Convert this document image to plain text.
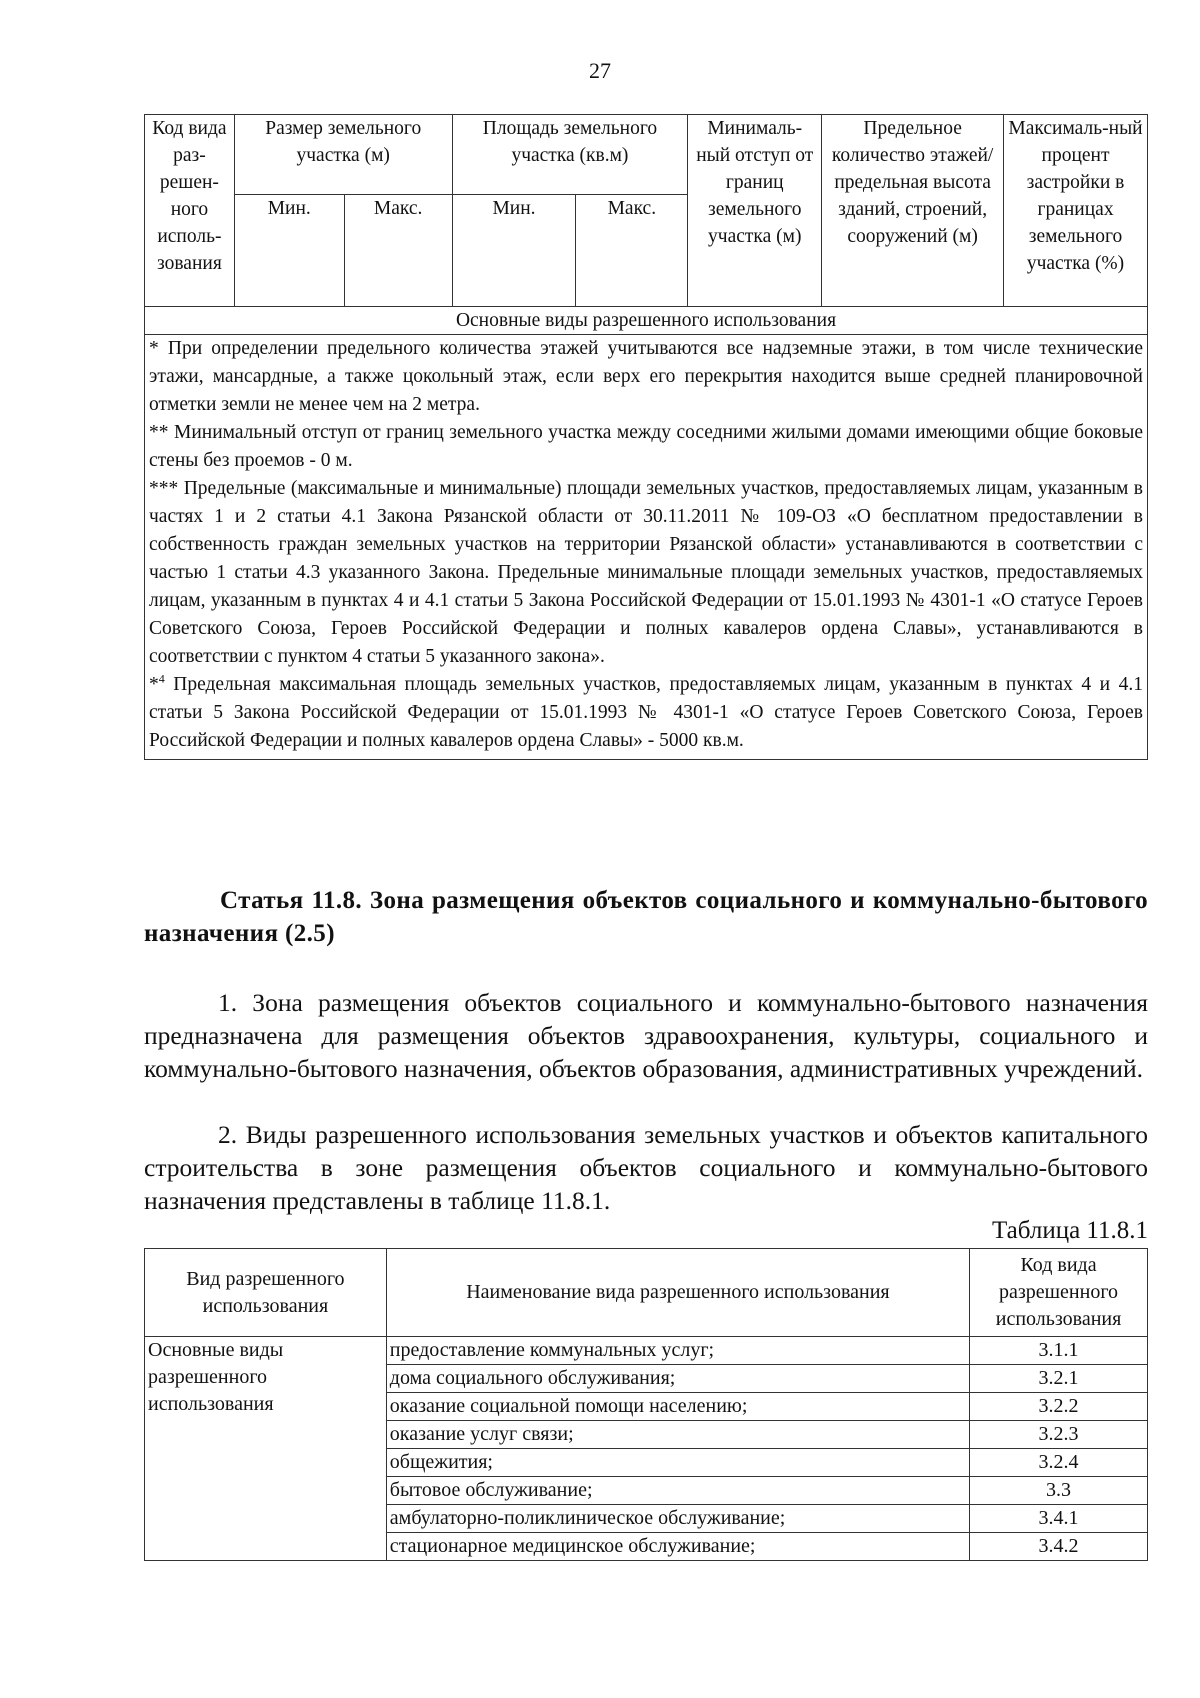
27
Код вида раз-решен-ного исполь-зования	Размер земельного участка (м)		Площадь земельного участка (кв.м)		Минималь-ный отступ от границ земельного участка (м)	Предельное количество этажей/ предельная высота зданий, строений, сооружений (м)	Максималь-ный процент застройки в границах земельного участка (%)
	Мин.	Макс.	Мин.	Макс.			
Основные виды разрешенного использования							

* При определении предельного количества этажей учитываются все надземные этажи, в том числе технические этажи, мансардные, а также цокольный этаж, если верх его перекрытия находится выше средней планировочной отметки земли не менее чем на 2 метра.

** Минимальный отступ от границ земельного участка между соседними жилыми домами имеющими общие боковые стены без проемов - 0 м.

*** Предельные (максимальные и минимальные) площади земельных участков, предоставляемых лицам, указанным в частях 1 и 2 статьи 4.1 Закона Рязанской области от 30.11.2011 № 109-ОЗ «О бесплатном предоставлении в собственность граждан земельных участков на территории Рязанской области» устанавливаются в соответствии с частью 1 статьи 4.3 указанного Закона. Предельные минимальные площади земельных участков, предоставляемых лицам, указанным в пунктах 4 и 4.1 статьи 5 Закона Российской Федерации от 15.01.1993 № 4301-1 «О статусе Героев Советского Союза, Героев Российской Федерации и полных кавалеров ордена Славы», устанавливаются в соответствии с пунктом 4 статьи 5 указанного закона».

*$^4$ Предельная максимальная площадь земельных участков, предоставляемых лицам, указанным в пунктах 4 и 4.1 статьи 5 Закона Российской Федерации от 15.01.1993 № 4301-1 «О статусе Героев Советского Союза, Героев Российской Федерации и полных кавалеров ордена Славы» - 5000 кв.м.							

Статья 11.8. Зона размещения объектов социального и коммунально-бытового назначения (2.5)

1. Зона размещения объектов социального и коммунально-бытового назначения предназначена для размещения объектов здравоохранения, культуры, социального и коммунально-бытового назначения, объектов образования, административных учреждений.

2. Виды разрешенного использования земельных участков и объектов капитального строительства в зоне размещения объектов социального и коммунально-бытового назначения представлены в таблице 11.8.1.

Таблица 11.8.1
Вид разрешенного использования	Наименование вида разрешенного использования	Код вида разрешенного использования
Основные виды разрешенного использования	предоставление коммунальных услуг;	3.1.1
	дома социального обслуживания;	3.2.1
	оказание социальной помощи населению;	3.2.2
	оказание услуг связи;	3.2.3
	общежития;	3.2.4
	бытовое обслуживание;	3.3
	амбулаторно-поликлиническое обслуживание;	3.4.1
	стационарное медицинское обслуживание;	3.4.2
